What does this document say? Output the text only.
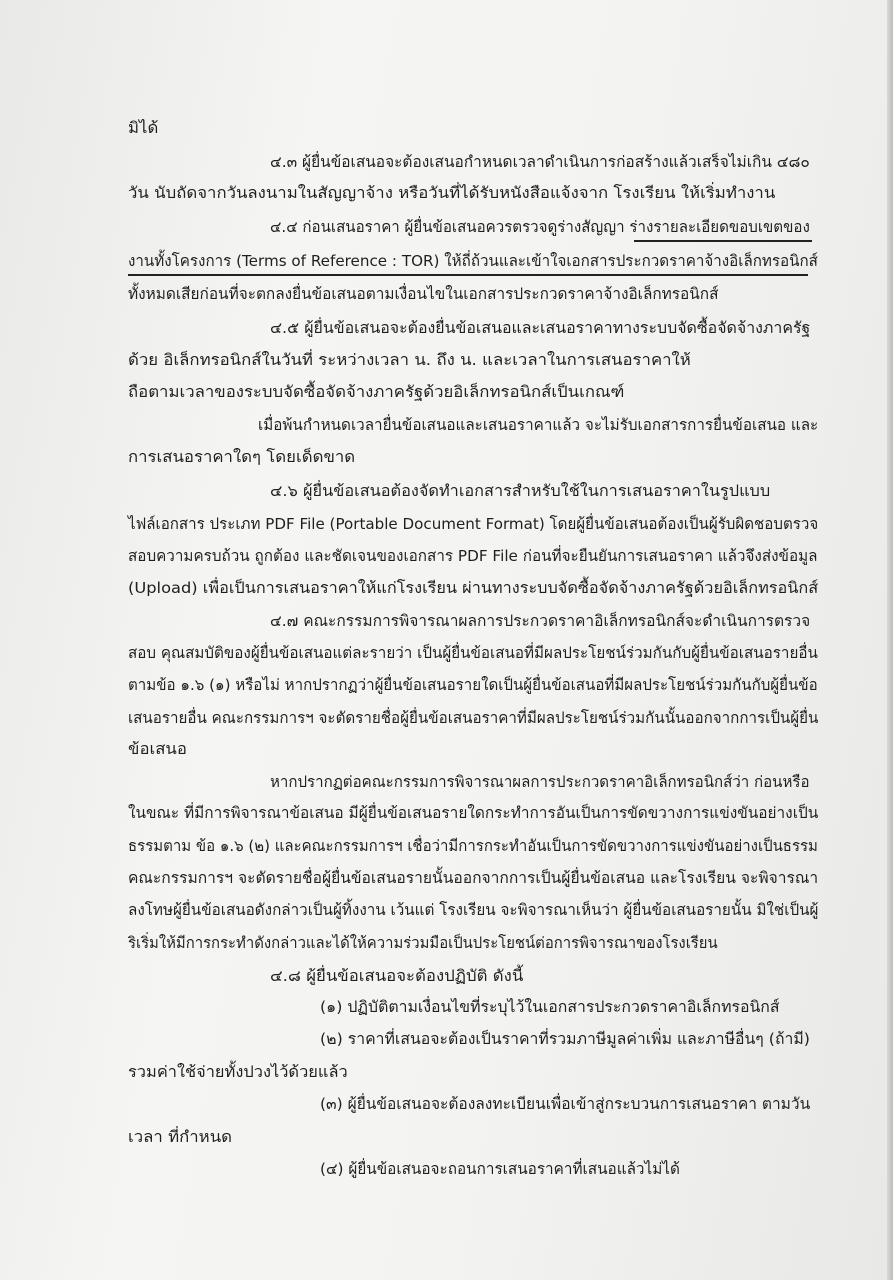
มิได้
๔.๓ ผู้ยื่นข้อเสนอจะต้องเสนอกำหนดเวลาดำเนินการก่อสร้างแล้วเสร็จไม่เกิน ๔๘๐
วัน นับถัดจากวันลงนามในสัญญาจ้าง หรือวันที่ได้รับหนังสือแจ้งจาก โรงเรียน ให้เริ่มทำงาน
๔.๔ ก่อนเสนอราคา ผู้ยื่นข้อเสนอควรตรวจดูร่างสัญญา ร่างรายละเอียดขอบเขตของ
งานทั้งโครงการ (Terms of Reference : TOR) ให้ถี่ถ้วนและเข้าใจเอกสารประกวดราคาจ้างอิเล็กทรอนิกส์
ทั้งหมดเสียก่อนที่จะตกลงยื่นข้อเสนอตามเงื่อนไขในเอกสารประกวดราคาจ้างอิเล็กทรอนิกส์
๔.๕ ผู้ยื่นข้อเสนอจะต้องยื่นข้อเสนอและเสนอราคาทางระบบจัดซื้อจัดจ้างภาครัฐ
ด้วย อิเล็กทรอนิกส์ในวันที่ ระหว่างเวลา น. ถึง น. และเวลาในการเสนอราคาให้
ถือตามเวลาของระบบจัดซื้อจัดจ้างภาครัฐด้วยอิเล็กทรอนิกส์เป็นเกณฑ์
เมื่อพ้นกำหนดเวลายื่นข้อเสนอและเสนอราคาแล้ว จะไม่รับเอกสารการยื่นข้อเสนอ และ
การเสนอราคาใดๆ โดยเด็ดขาด
๔.๖ ผู้ยื่นข้อเสนอต้องจัดทำเอกสารสำหรับใช้ในการเสนอราคาในรูปแบบ
ไฟล์เอกสาร ประเภท PDF File (Portable Document Format) โดยผู้ยื่นข้อเสนอต้องเป็นผู้รับผิดชอบตรวจ
สอบความครบถ้วน ถูกต้อง และชัดเจนของเอกสาร PDF File ก่อนที่จะยืนยันการเสนอราคา แล้วจึงส่งข้อมูล
(Upload) เพื่อเป็นการเสนอราคาให้แก่โรงเรียน ผ่านทางระบบจัดซื้อจัดจ้างภาครัฐด้วยอิเล็กทรอนิกส์
๔.๗ คณะกรรมการพิจารณาผลการประกวดราคาอิเล็กทรอนิกส์จะดำเนินการตรวจ
สอบ คุณสมบัติของผู้ยื่นข้อเสนอแต่ละรายว่า เป็นผู้ยื่นข้อเสนอที่มีผลประโยชน์ร่วมกันกับผู้ยื่นข้อเสนอรายอื่น
ตามข้อ ๑.๖ (๑) หรือไม่ หากปรากฏว่าผู้ยื่นข้อเสนอรายใดเป็นผู้ยื่นข้อเสนอที่มีผลประโยชน์ร่วมกันกับผู้ยื่นข้อ
เสนอรายอื่น คณะกรรมการฯ จะตัดรายชื่อผู้ยื่นข้อเสนอราคาที่มีผลประโยชน์ร่วมกันนั้นออกจากการเป็นผู้ยื่น
ข้อเสนอ
หากปรากฏต่อคณะกรรมการพิจารณาผลการประกวดราคาอิเล็กทรอนิกส์ว่า ก่อนหรือ
ในขณะ ที่มีการพิจารณาข้อเสนอ มีผู้ยื่นข้อเสนอรายใดกระทำการอันเป็นการขัดขวางการแข่งขันอย่างเป็น
ธรรมตาม ข้อ ๑.๖ (๒) และคณะกรรมการฯ เชื่อว่ามีการกระทำอันเป็นการขัดขวางการแข่งขันอย่างเป็นธรรม
คณะกรรมการฯ จะตัดรายชื่อผู้ยื่นข้อเสนอรายนั้นออกจากการเป็นผู้ยื่นข้อเสนอ และโรงเรียน จะพิจารณา
ลงโทษผู้ยื่นข้อเสนอดังกล่าวเป็นผู้ทิ้งงาน เว้นแต่ โรงเรียน จะพิจารณาเห็นว่า ผู้ยื่นข้อเสนอรายนั้น มิใช่เป็นผู้
ริเริ่มให้มีการกระทำดังกล่าวและได้ให้ความร่วมมือเป็นประโยชน์ต่อการพิจารณาของโรงเรียน
๔.๘ ผู้ยื่นข้อเสนอจะต้องปฏิบัติ ดังนี้
(๑) ปฏิบัติตามเงื่อนไขที่ระบุไว้ในเอกสารประกวดราคาอิเล็กทรอนิกส์
(๒) ราคาที่เสนอจะต้องเป็นราคาที่รวมภาษีมูลค่าเพิ่ม และภาษีอื่นๆ (ถ้ามี)
รวมค่าใช้จ่ายทั้งปวงไว้ด้วยแล้ว
(๓) ผู้ยื่นข้อเสนอจะต้องลงทะเบียนเพื่อเข้าสู่กระบวนการเสนอราคา ตามวัน
เวลา ที่กำหนด
(๔) ผู้ยื่นข้อเสนอจะถอนการเสนอราคาที่เสนอแล้วไม่ได้
